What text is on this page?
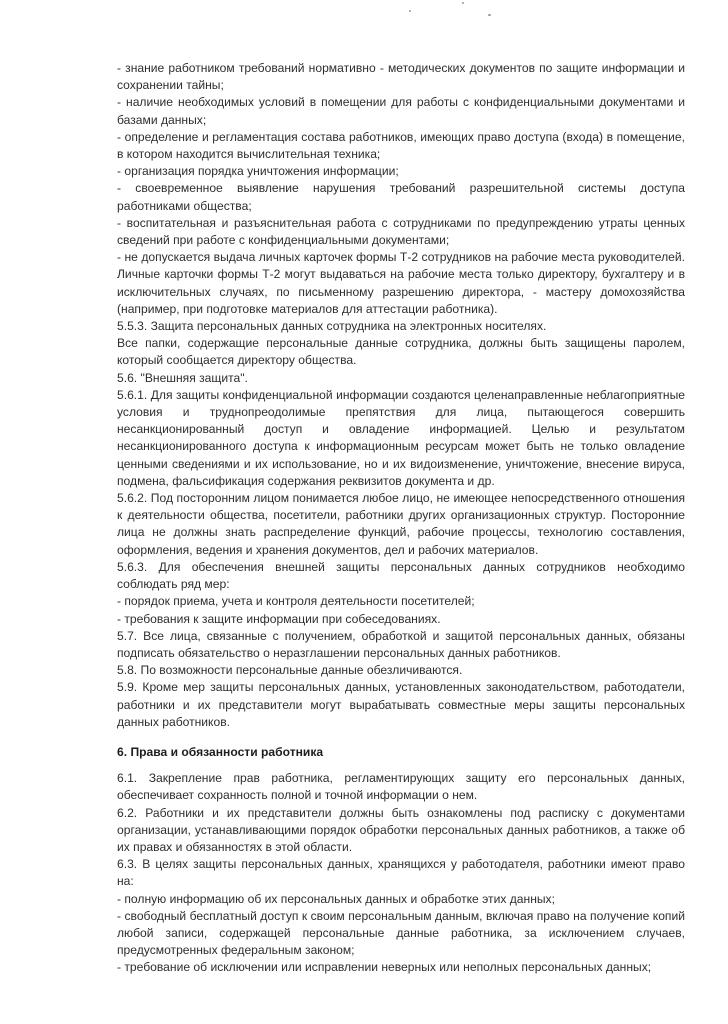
- знание работником требований нормативно - методических документов по защите информации и сохранении тайны;

- наличие необходимых условий в помещении для работы с конфиденциальными документами и базами данных;

- определение и регламентация состава работников, имеющих право доступа (входа) в помещение, в котором находится вычислительная техника;

- организация порядка уничтожения информации;

- своевременное выявление нарушения требований разрешительной системы доступа работниками общества;

- воспитательная и разъяснительная работа с сотрудниками по предупреждению утраты ценных сведений при работе с конфиденциальными документами;

- не допускается выдача личных карточек формы Т-2 сотрудников на рабочие места руководителей. Личные карточки формы Т-2 могут выдаваться на рабочие места только директору, бухгалтеру и в исключительных случаях, по письменному разрешению директора, - мастеру домохозяйства (например, при подготовке материалов для аттестации работника).

5.5.3. Защита персональных данных сотрудника на электронных носителях.

Все папки, содержащие персональные данные сотрудника, должны быть защищены паролем, который сообщается директору общества.

5.6. "Внешняя защита".

5.6.1. Для защиты конфиденциальной информации создаются целенаправленные неблагоприятные условия и труднопреодолимые препятствия для лица, пытающегося совершить несанкционированный доступ и овладение информацией. Целью и результатом несанкционированного доступа к информационным ресурсам может быть не только овладение ценными сведениями и их использование, но и их видоизменение, уничтожение, внесение вируса, подмена, фальсификация содержания реквизитов документа и др.

5.6.2. Под посторонним лицом понимается любое лицо, не имеющее непосредственного отношения к деятельности общества, посетители, работники других организационных структур. Посторонние лица не должны знать распределение функций, рабочие процессы, технологию составления, оформления, ведения и хранения документов, дел и рабочих материалов.

5.6.3. Для обеспечения внешней защиты персональных данных сотрудников необходимо соблюдать ряд мер:

- порядок приема, учета и контроля деятельности посетителей;

- требования к защите информации при собеседованиях.

5.7. Все лица, связанные с получением, обработкой и защитой персональных данных, обязаны подписать обязательство о неразглашении персональных данных работников.

5.8. По возможности персональные данные обезличиваются.

5.9. Кроме мер защиты персональных данных, установленных законодательством, работодатели, работники и их представители могут вырабатывать совместные меры защиты персональных данных работников.

6. Права и обязанности работника

6.1. Закрепление прав работника, регламентирующих защиту его персональных данных, обеспечивает сохранность полной и точной информации о нем.

6.2. Работники и их представители должны быть ознакомлены под расписку с документами организации, устанавливающими порядок обработки персональных данных работников, а также об их правах и обязанностях в этой области.

6.3. В целях защиты персональных данных, хранящихся у работодателя, работники имеют право на:

- полную информацию об их персональных данных и обработке этих данных;

- свободный бесплатный доступ к своим персональным данным, включая право на получение копий любой записи, содержащей персональные данные работника, за исключением случаев, предусмотренных федеральным законом;

- требование об исключении или исправлении неверных или неполных персональных данных;
